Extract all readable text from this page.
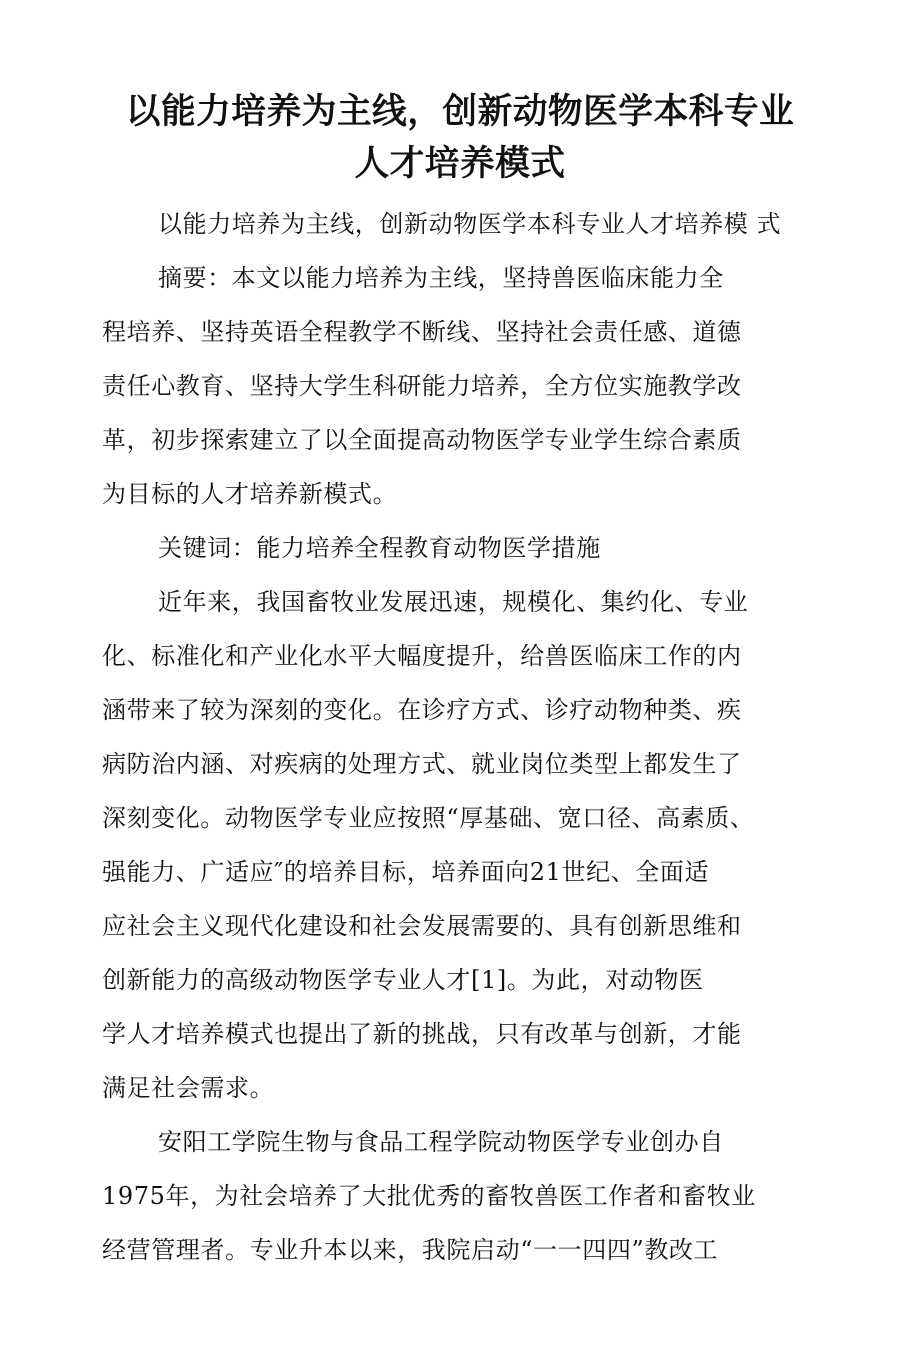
以能力培养为主线，创新动物医学本科专业
人才培养模式
以能力培养为主线，创新动物医学本科专业人才培养模 式
摘要：本文以能力培养为主线，坚持兽医临床能力全
程培养、坚持英语全程教学不断线、坚持社会责任感、道德
责任心教育、坚持大学生科研能力培养，全方位实施教学改
革，初步探索建立了以全面提高动物医学专业学生综合素质
为目标的人才培养新模式。
关键词：能力培养全程教育动物医学措施
近年来，我国畜牧业发展迅速，规模化、集约化、专业
化、标准化和产业化水平大幅度提升，给兽医临床工作的内
涵带来了较为深刻的变化。在诊疗方式、诊疗动物种类、疾
病防治内涵、对疾病的处理方式、就业岗位类型上都发生了
深刻变化。动物医学专业应按照“厚基础、宽口径、高素质、
强能力、广适应″的培养目标，培养面向21世纪、全面适
应社会主义现代化建设和社会发展需要的、具有创新思维和
创新能力的高级动物医学专业人才[1]。为此，对动物医
学人才培养模式也提出了新的挑战，只有改革与创新，才能
满足社会需求。
安阳工学院生物与食品工程学院动物医学专业创办自
1975年，为社会培养了大批优秀的畜牧兽医工作者和畜牧业
经营管理者。专业升本以来，我院启动“一一四四”教改工
